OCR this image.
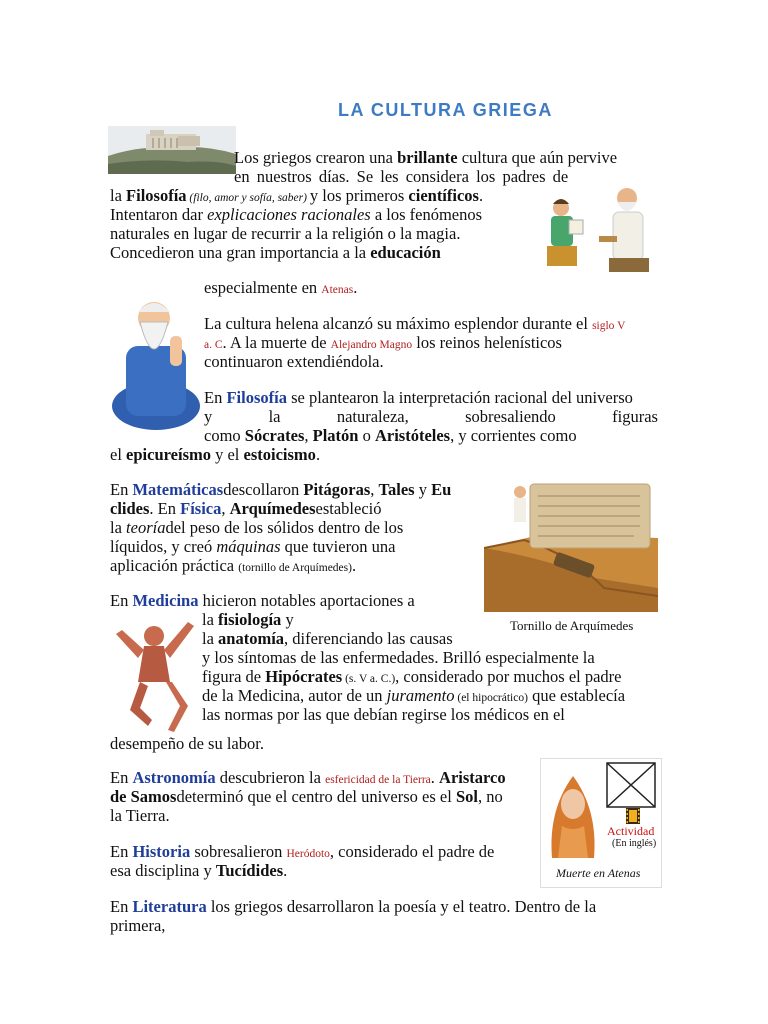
LA CULTURA GRIEGA
Los griegos crearon una brillante cultura que aún pervive
en nuestros días. Se les considera los padres de
la Filosofía (filo, amor y sofía, saber) y los primeros científicos.
Intentaron dar explicaciones racionales a los fenómenos
naturales en lugar de recurrir a la religión o la magia.
Concedieron una gran importancia a la educación
especialmente en Atenas.
La cultura helena alcanzó su máximo esplendor durante el siglo V
a. C. A la muerte de Alejandro Magno los reinos helenísticos
continuaron extendiéndola.
En Filosofía se plantearon la interpretación racional del universo
y	la	naturaleza,	sobresaliendo	figuras
como Sócrates, Platón o Aristóteles, y corrientes como
el epicureísmo y el estoicismo.
En Matemáticasdescollaron Pitágoras, Tales y Eu
clides. En Física, Arquímedesestableció
la teoríadel peso de los sólidos dentro de los
líquidos, y creó máquinas que tuvieron una
aplicación práctica (tornillo de Arquímedes).
Tornillo de Arquímedes
En Medicina hicieron notables aportaciones a
la fisiología y
la anatomía, diferenciando las causas
y los síntomas de las enfermedades. Brilló especialmente la
figura de Hipócrates (s. V a. C.), considerado por muchos el padre
de la Medicina, autor de un juramento (el hipocrático) que establecía
las normas por las que debían regirse los médicos en el
desempeño de su labor.
En Astronomía descubrieron la esfericidad de la Tierra. Aristarco
de Samosdeterminó que el centro del universo es el Sol, no
la Tierra.
En Historia sobresalieron Heródoto, considerado el padre de
esa disciplina y Tucídides.
Actividad
(En inglés)
Muerte en Atenas
En Literatura los griegos desarrollaron la poesía y el teatro. Dentro de la
primera,
